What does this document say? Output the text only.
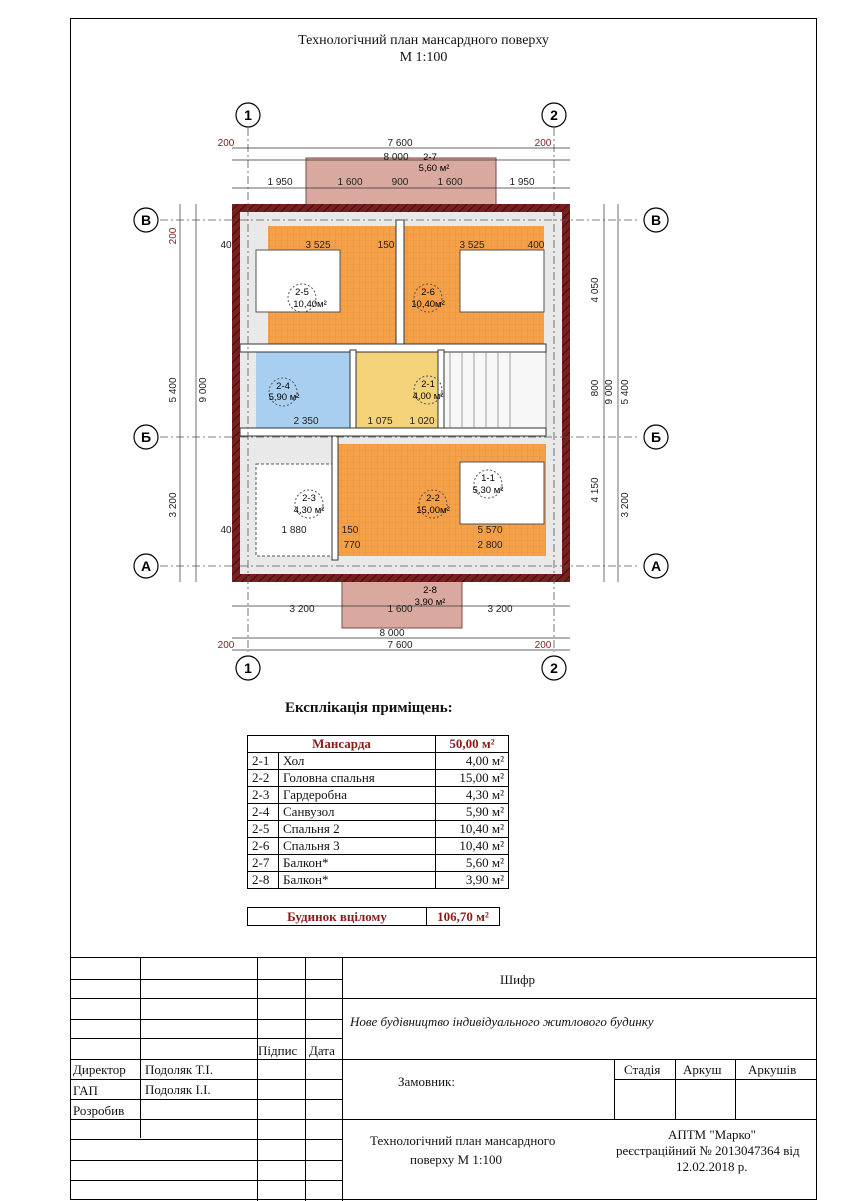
Технологічний план мансардного поверху
М 1:100
1	2
1	2
В	В
Б	Б
А	А
200	7 600	200
8 000
1 950	1 600	900	1 600	1 950
3 200	1 600	3 200
8 000
200	7 600	200
200
5 400 9 000
3 200
4 050
800 9 000 5 400
4 150
3 200
3 525	150
40	3 525	400
2 350	1 075 1 020
1 880	150
40
770	2 800
5 570
2-5
10,40м²
2-6
10,40м²
2-4
5,90 м²
2-1
4,00 м²
1-1
5,30 м²
2-2
15,00м²
2-3
4,30 м²
2-7
5,60 м²
2-8
3,90 м²
Експлікація приміщень:
Мансарда		50,00 м²
2-1	Хол	4,00 м²
2-2	Головна спальня	15,00 м²
2-3	Гардеробна	4,30 м²
2-4	Санвузол	5,90 м²
2-5	Спальня 2	10,40 м²
2-6	Спальня 3	10,40 м²
2-7	Балкон*	5,60 м²
2-8	Балкон*	3,90 м²
Будинок вцілому	106,70 м²
Шифр
Нове будівництво індивідуального житлового будинку
Підпис Дата
Директор Подоляк Т.І.
ГАП	Подоляк І.І.
Розробив
Замовник:
Стадія Аркуш Аркушів
Технологічний план мансардного
поверху М 1:100
АПТМ "Марко"
реєстраційний № 2013047364 від
12.02.2018 р.
